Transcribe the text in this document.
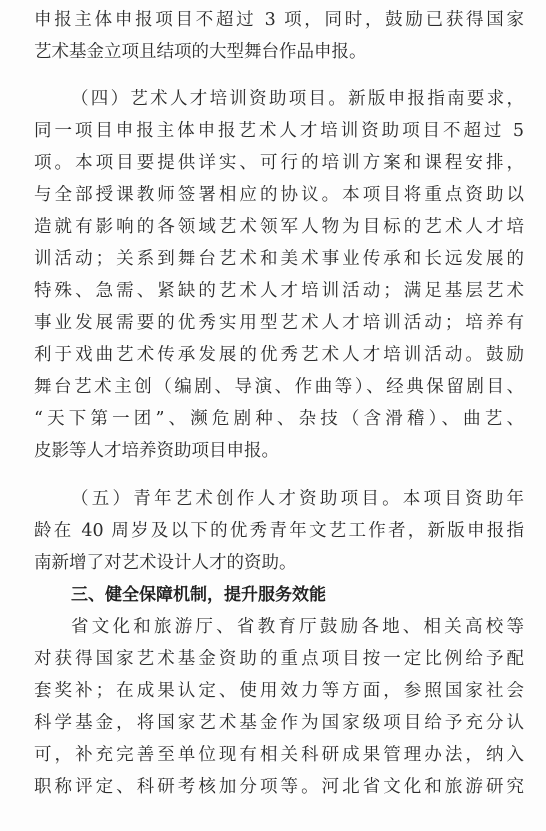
申报主体申报项目不超过 3 项，同时，鼓励已获得国家
艺术基金立项且结项的大型舞台作品申报。
（四）艺术人才培训资助项目。新版申报指南要求，
同一项目申报主体申报艺术人才培训资助项目不超过 5
项。本项目要提供详实、可行的培训方案和课程安排，
与全部授课教师签署相应的协议。本项目将重点资助以
造就有影响的各领域艺术领军人物为目标的艺术人才培
训活动；关系到舞台艺术和美术事业传承和长远发展的
特殊、急需、紧缺的艺术人才培训活动；满足基层艺术
事业发展需要的优秀实用型艺术人才培训活动；培养有
利于戏曲艺术传承发展的优秀艺术人才培训活动。鼓励
舞台艺术主创（编剧、导演、作曲等）、经典保留剧目、
“天下第一团”、濒危剧种、杂技（含滑稽）、曲艺、
皮影等人才培养资助项目申报。
（五）青年艺术创作人才资助项目。本项目资助年
龄在 40 周岁及以下的优秀青年文艺工作者，新版申报指
南新增了对艺术设计人才的资助。
三、健全保障机制，提升服务效能
省文化和旅游厅、省教育厅鼓励各地、相关高校等
对获得国家艺术基金资助的重点项目按一定比例给予配
套奖补；在成果认定、使用效力等方面，参照国家社会
科学基金，将国家艺术基金作为国家级项目给予充分认
可，补充完善至单位现有相关科研成果管理办法，纳入
职称评定、科研考核加分项等。河北省文化和旅游研究
